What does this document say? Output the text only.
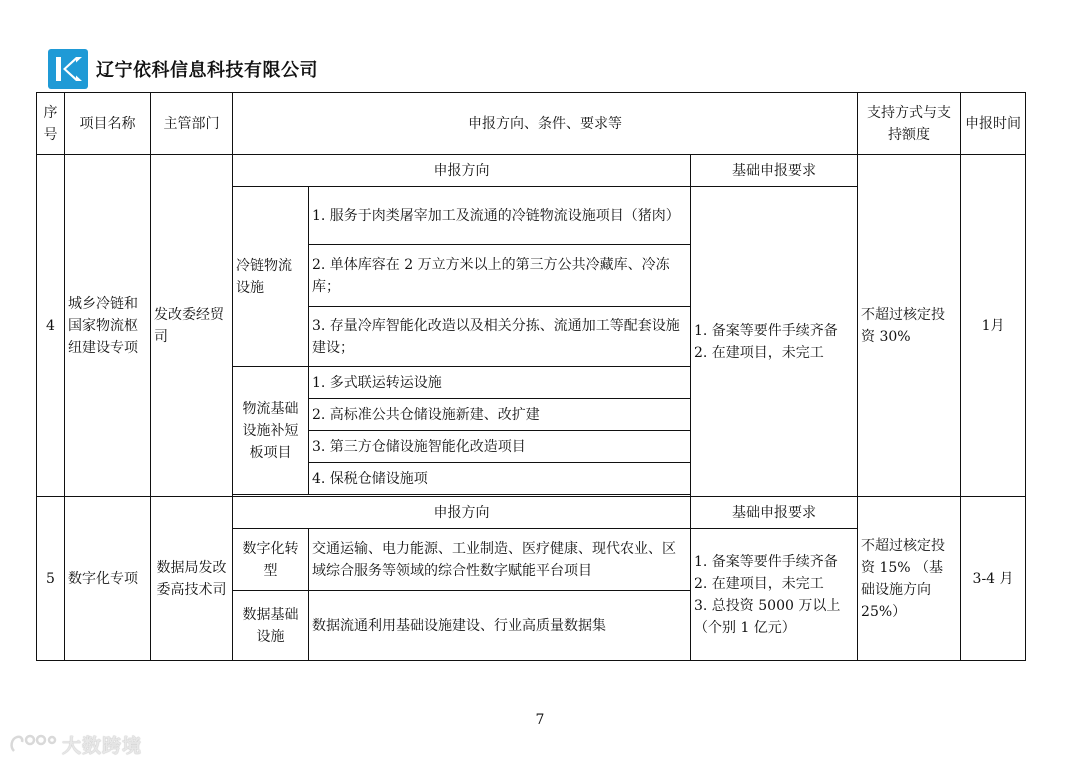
辽宁依科信息科技有限公司
序号	项目名称	主管部门	申报方向、条件、要求等			支持方式与支持额度	申报时间
4	城乡冷链和国家物流枢纽建设专项	发改委经贸司	申报方向		基础申报要求	不超过核定投资 30%	1月
			冷链物流设施	1. 服务于肉类屠宰加工及流通的冷链物流设施项目（猪肉）	1. 备案等要件手续齐备
2. 在建项目，未完工		

				2. 单体库容在 2 万立方米以上的第三方公共冷藏库、冷冻库；			
				3. 存量冷库智能化改造以及相关分拣、流通加工等配套设施建设；			
			物流基础设施补短板项目	1. 多式联运转运设施			
				2. 高标准公共仓储设施新建、改扩建			
				3. 第三方仓储设施智能化改造项目			
				4. 保税仓储设施项			

5	数字化专项	数据局发改委高技术司	申报方向		基础申报要求	不超过核定投资 15% （基础设施方向 25%）	3-4 月
			数字化转型	交通运输、电力能源、工业制造、医疗健康、现代农业、区域综合服务等领域的综合性数字赋能平台项目	1. 备案等要件手续齐备
2. 在建项目，未完工
3. 总投资 5000 万以上（个别 1 亿元）		

			数据基础设施	数据流通利用基础设施建设、行业高质量数据集			
7
大数跨境
